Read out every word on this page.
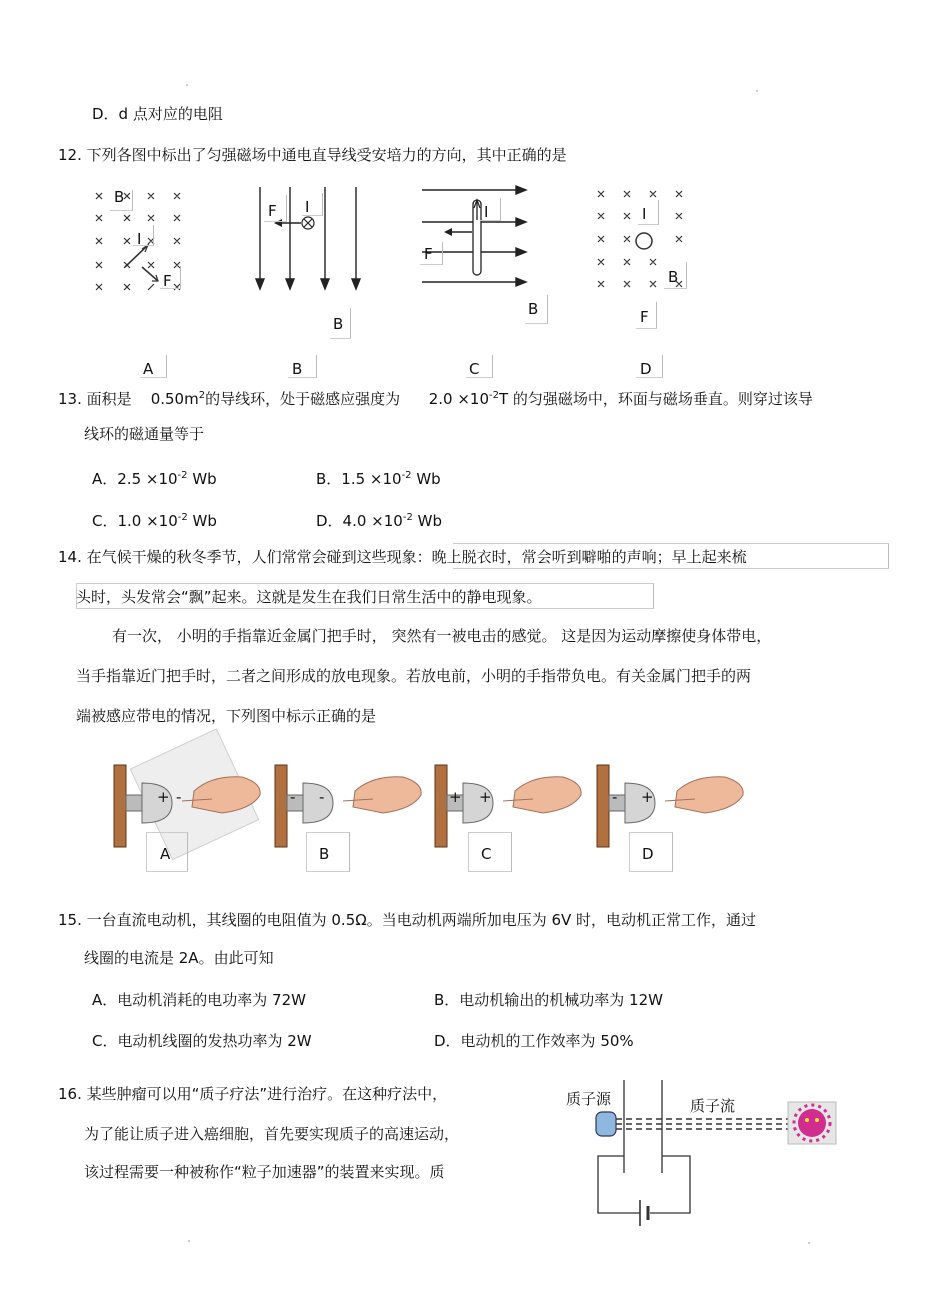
D．d 点对应的电阻
12. 下列各图中标出了匀强磁场中通电直导线受安培力的方向，其中正确的是
B
I
F
F I
B
I
F
B
I
B
F
A	B	C	D
13. 面积是 $0.50m^2$的导线环，处于磁感应强度为 $2.0 \times 10^{-2}T$ 的匀强磁场中，环面与磁场垂直。则穿过该导
线环的磁通量等于
A．$2.5 \times 10^{-2}$ Wb	B．$1.5 \times 10^{-2}$ Wb
C．$1.0 \times 10^{-2}$ Wb	D．$4.0 \times 10^{-2}$ Wb
14. 在气候干燥的秋冬季节，人们常常会碰到这些现象：晚上脱衣时，常会听到噼啪的声响；早上起来梳
头时，头发常会“飘”起来。这就是发生在我们日常生活中的静电现象。
有一次， 小明的手指靠近金属门把手时， 突然有一被电击的感觉。 这是因为运动摩擦使身体带电，
当手指靠近门把手时，二者之间形成的放电现象。若放电前，小明的手指带负电。有关金属门把手的两
端被感应带电的情况，下列图中标示正确的是
+ -
A
- -
B
+ +
C
- +
D
15. 一台直流电动机，其线圈的电阻值为 0.5Ω。当电动机两端所加电压为 6V 时，电动机正常工作，通过
线圈的电流是 2A。由此可知
A．电动机消耗的电功率为 72W	B．电动机输出的机械功率为 12W
C．电动机线圈的发热功率为 2W	D．电动机的工作效率为 50%
16. 某些肿瘤可以用“质子疗法”进行治疗。在这种疗法中，
为了能让质子进入癌细胞，首先要实现质子的高速运动，
该过程需要一种被称作“粒子加速器”的装置来实现。质
质子源	质子流
